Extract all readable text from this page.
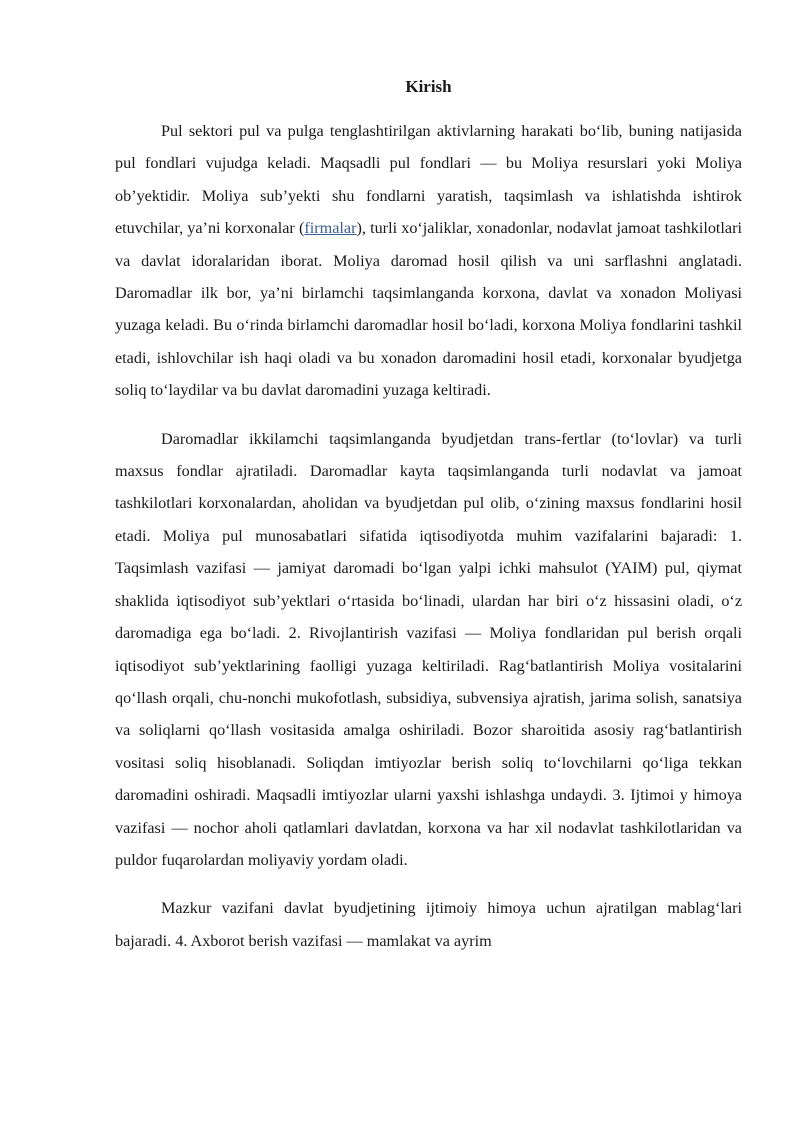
Kirish

Pul sektori pul va pulga tenglashtirilgan aktivlarning harakati bo‘lib, buning natijasida pul fondlari vujudga keladi. Maqsadli pul fondlari — bu Moliya resurslari yoki Moliya ob’yektidir. Moliya sub’yekti shu fondlarni yaratish, taqsimlash va ishlatishda ishtirok etuvchilar, ya’ni korxonalar (firmalar), turli xo‘jaliklar, xonadonlar, nodavlat jamoat tashkilotlari va davlat idoralaridan iborat. Moliya daromad hosil qilish va uni sarflashni anglatadi. Daromadlar ilk bor, ya’ni birlamchi taqsimlanganda korxona, davlat va xonadon Moliyasi yuzaga keladi. Bu o‘rinda birlamchi daromadlar hosil bo‘ladi, korxona Moliya fondlarini tashkil etadi, ishlovchilar ish haqi oladi va bu xonadon daromadini hosil etadi, korxonalar byudjetga soliq to‘laydilar va bu davlat daromadini yuzaga keltiradi.

Daromadlar ikkilamchi taqsimlanganda byudjetdan trans-fertlar (to‘lovlar) va turli maxsus fondlar ajratiladi. Daromadlar kayta taqsimlanganda turli nodavlat va jamoat tashkilotlari korxonalardan, aholidan va byudjetdan pul olib, o‘zining maxsus fondlarini hosil etadi. Moliya pul munosabatlari sifatida iqtisodiyotda muhim vazifalarini bajaradi: 1. Taqsimlash vazifasi — jamiyat daromadi bo‘lgan yalpi ichki mahsulot (YAIM) pul, qiymat shaklida iqtisodiyot sub’yektlari o‘rtasida bo‘linadi, ulardan har biri o‘z hissasini oladi, o‘z daromadiga ega bo‘ladi. 2. Rivojlantirish vazifasi — Moliya fondlaridan pul berish orqali iqtisodiyot sub’yektlarining faolligi yuzaga keltiriladi. Rag‘batlantirish Moliya vositalarini qo‘llash orqali, chu-nonchi mukofotlash, subsidiya, subvensiya ajratish, jarima solish, sanatsiya va soliqlarni qo‘llash vositasida amalga oshiriladi. Bozor sharoitida asosiy rag‘batlantirish vositasi soliq hisoblanadi. Soliqdan imtiyozlar berish soliq to‘lovchilarni qo‘liga tekkan daromadini oshiradi. Maqsadli imtiyozlar ularni yaxshi ishlashga undaydi. 3. Ijtimoi y himoya vazifasi — nochor aholi qatlamlari davlatdan, korxona va har xil nodavlat tashkilotlaridan va puldor fuqarolardan moliyaviy yordam oladi.

Mazkur vazifani davlat byudjetining ijtimoiy himoya uchun ajratilgan mablag‘lari bajaradi. 4. Axborot berish vazifasi — mamlakat va ayrim
